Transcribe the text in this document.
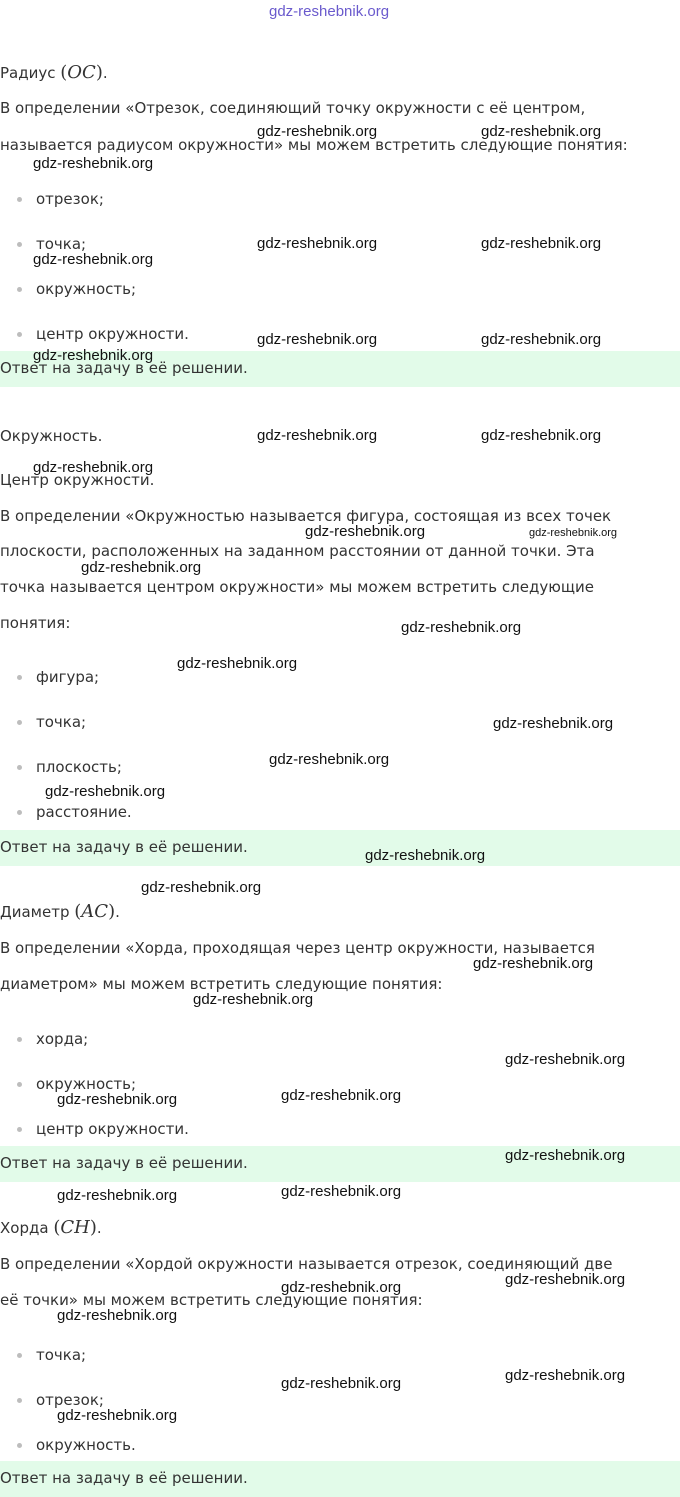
Радиус (OC).
В определении «Отрезок, соединяющий точку окружности с её центром,
называется радиусом окружности» мы можем встретить следующие понятия:
отрезок;
точка;
окружность;
центр окружности.
Ответ на задачу в её решении.
Окружность.
Центр окружности.
В определении «Окружностью называется фигура, состоящая из всех точек
плоскости, расположенных на заданном расстоянии от данной точки. Эта
точка называется центром окружности» мы можем встретить следующие
понятия:
фигура;
точка;
плоскость;
расстояние.
Ответ на задачу в её решении.
Диаметр (AC).
В определении «Хорда, проходящая через центр окружности, называется
диаметром» мы можем встретить следующие понятия:
хорда;
окружность;
центр окружности.
Ответ на задачу в её решении.
Хорда (CH).
В определении «Хордой окружности называется отрезок, соединяющий две
её точки» мы можем встретить следующие понятия:
точка;
отрезок;
окружность.
Ответ на задачу в её решении.
gdz-reshebnik.org
gdz-reshebnik.org	gdz-reshebnik.org
gdz-reshebnik.org
gdz-reshebnik.org	gdz-reshebnik.org
gdz-reshebnik.org
gdz-reshebnik.org	gdz-reshebnik.org
gdz-reshebnik.org
gdz-reshebnik.org	gdz-reshebnik.org
gdz-reshebnik.org
gdz-reshebnik.org	gdz-reshebnik.org
gdz-reshebnik.org
gdz-reshebnik.org
gdz-reshebnik.org
gdz-reshebnik.org
gdz-reshebnik.org
gdz-reshebnik.org
gdz-reshebnik.org
gdz-reshebnik.org
gdz-reshebnik.org
gdz-reshebnik.org
gdz-reshebnik.org
gdz-reshebnik.org
gdz-reshebnik.org
gdz-reshebnik.org
gdz-reshebnik.org
gdz-reshebnik.org
gdz-reshebnik.org
gdz-reshebnik.org
gdz-reshebnik.org
gdz-reshebnik.org
gdz-reshebnik.org
gdz-reshebnik.org
